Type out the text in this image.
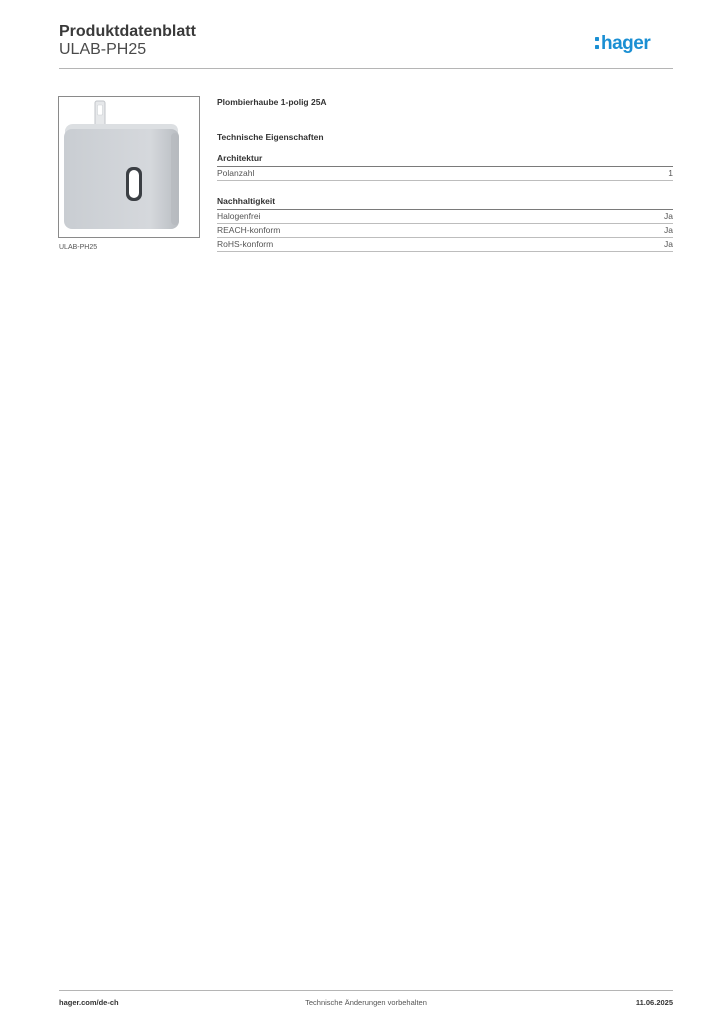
Produktdatenblatt
ULAB-PH25	hager
ULAB-PH25

Plombierhaube 1-polig 25A

Technische Eigenschaften

Architektur

Polanzahl	1

Nachhaltigkeit

Halogenfrei	Ja
REACH-konform	Ja
RoHS-konform	Ja
hager.com/de-ch	Technische Änderungen vorbehalten	11.06.2025
